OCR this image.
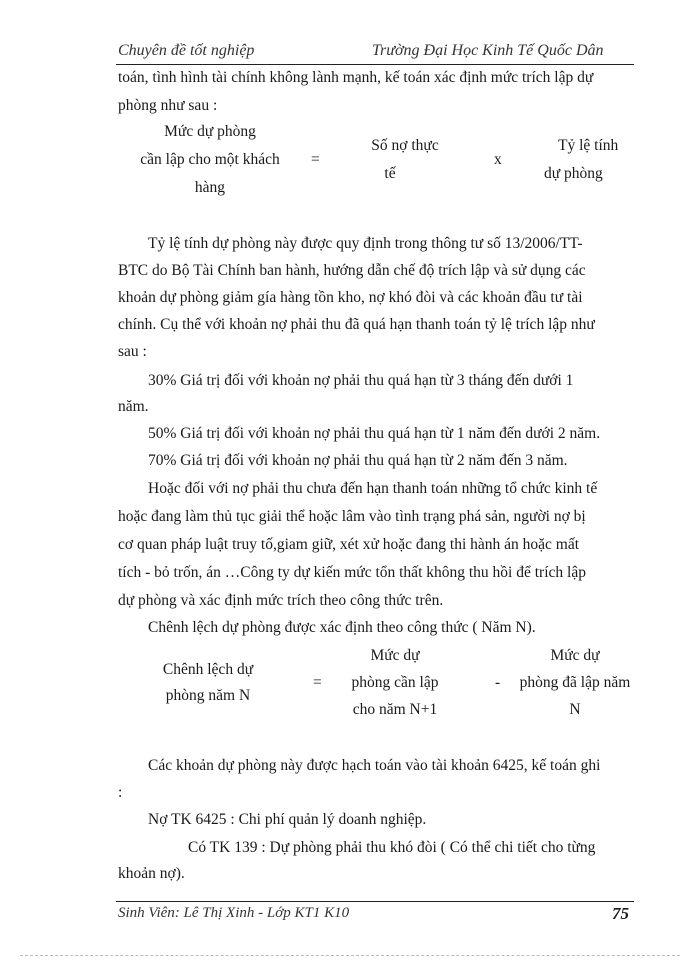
Chuyên đề tốt nghiệp	Trường Đại Học Kinh Tế Quốc Dân
toán, tình hình tài chính không lành mạnh, kế toán xác định mức trích lập dự
phòng như sau :
Mức dự phòng
cần lập cho một khách
hàng
=
Số nợ thực
tế
x
Tỷ lệ tính
dự phòng
Tỷ lệ tính dự phòng này được quy định trong thông tư số 13/2006/TT-
BTC do Bộ Tài Chính ban hành, hướng dẫn chế độ trích lập và sử dụng các
khoản dự phòng giảm gía hàng tồn kho, nợ khó đòi và các khoản đầu tư tài
chính. Cụ thể với khoản nợ phải thu đã quá hạn thanh toán tỷ lệ trích lập như
sau :
30% Giá trị đối với khoản nợ phải thu quá hạn từ 3 tháng đến dưới 1
năm.
50% Giá trị đối với khoản nợ phải thu quá hạn từ 1 năm đến dưới 2 năm.
70% Giá trị đối với khoản nợ phải thu quá hạn từ 2 năm đến 3 năm.
Hoặc đối với nợ phải thu chưa đến hạn thanh toán những tổ chức kinh tế
hoặc đang làm thủ tục giải thể hoặc lâm vào tình trạng phá sản, người nợ bị
cơ quan pháp luật truy tố,giam giữ, xét xử hoặc đang thi hành án hoặc mất
tích - bỏ trốn, án …Công ty dự kiến mức tổn thất không thu hồi để trích lập
dự phòng và xác định mức trích theo công thức trên.
Chênh lệch dự phòng được xác định theo công thức ( Năm N).
Chênh lệch dự
phòng năm N
=
Mức dự
phòng cần lập
cho năm N+1
-
Mức dự
phòng đã lập năm
N
Các khoản dự phòng này được hạch toán vào tài khoản 6425, kế toán ghi
:
Nợ TK 6425 : Chi phí quản lý doanh nghiệp.
Có TK 139 : Dự phòng phải thu khó đòi ( Có thể chi tiết cho từng
khoản nợ).
Sinh Viên: Lê Thị Xinh - Lớp KT1 K10	75
